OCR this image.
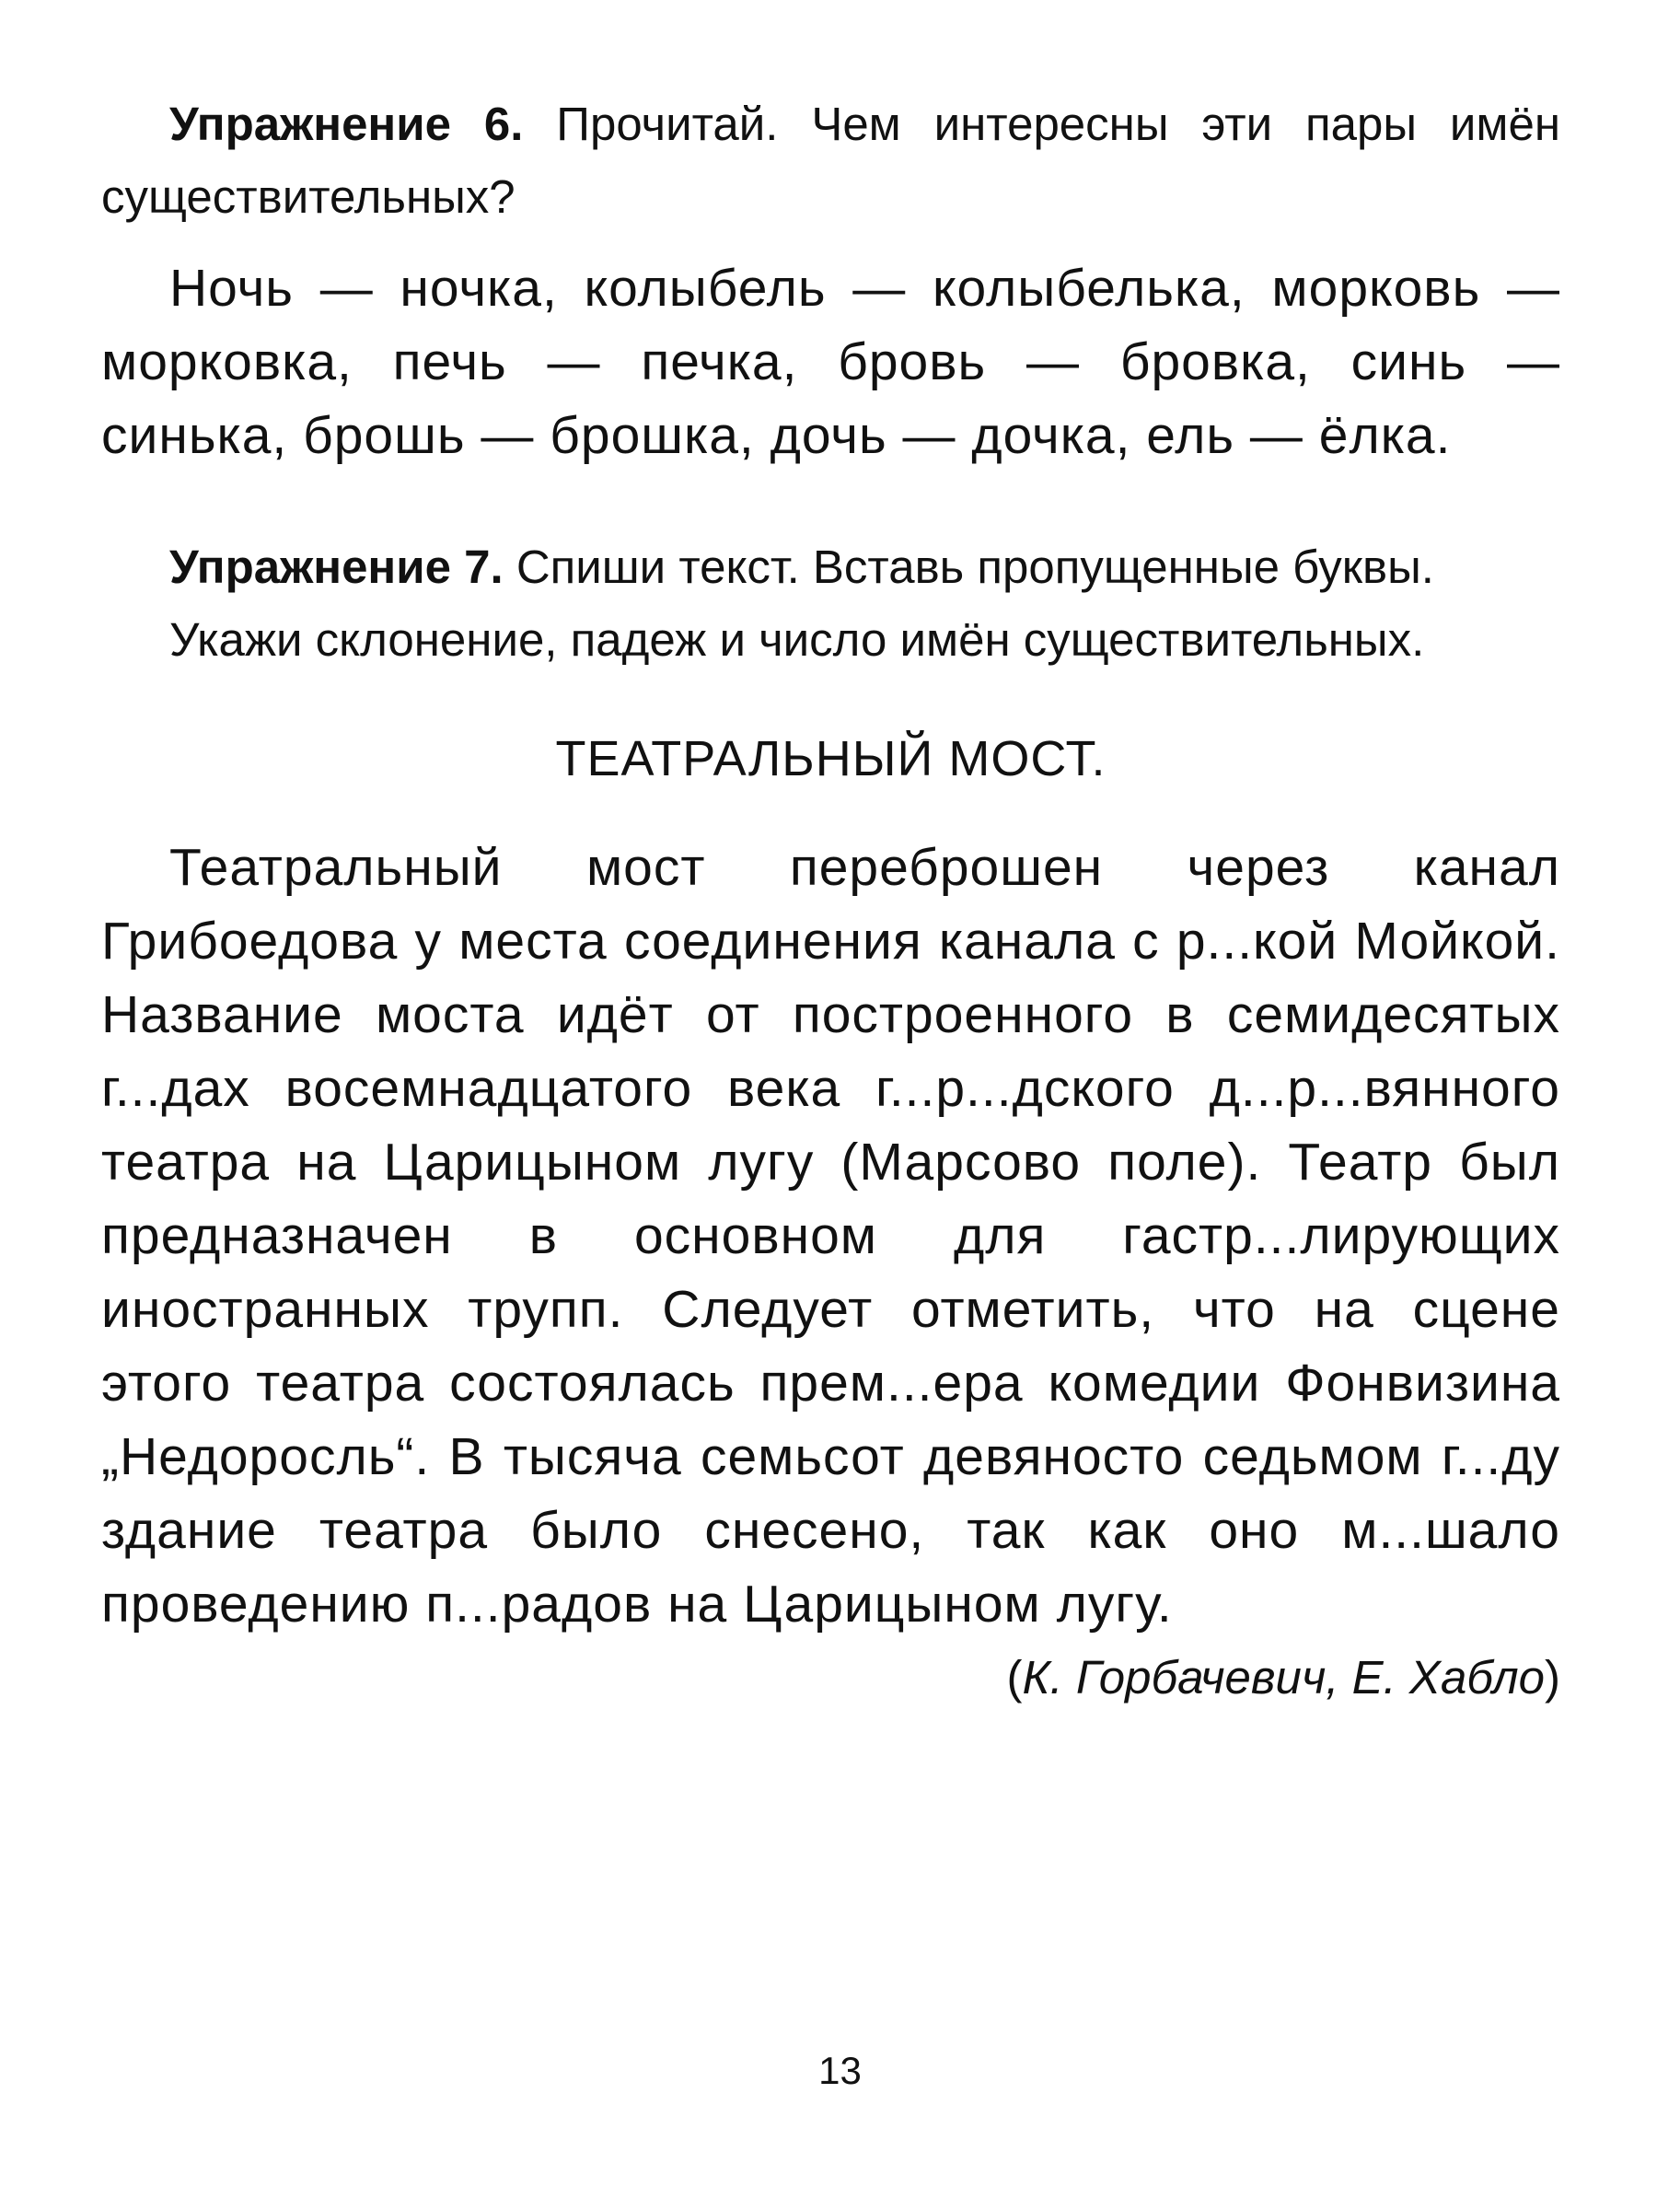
Упражнение 6. Прочитай. Чем интересны эти пары имён существительных?

Ночь — ночка, колыбель — колыбелька, морковь — морковка, печь — печка, бровь — бровка, синь — синька, брошь — брошка, дочь — дочка, ель — ёлка.

Упражнение 7. Спиши текст. Вставь пропущенные буквы.

Укажи склонение, падеж и число имён существительных.

ТЕАТРАЛЬНЫЙ МОСТ.

Театральный мост переброшен через канал Грибоедова у места соединения канала с р...кой Мойкой. Название моста идёт от построенного в семидесятых г...дах восемнадцатого века г...р...дского д...р...вянного театра на Царицыном лугу (Марсово поле). Театр был предназначен в основном для гастр...лирующих иностранных трупп. Следует отметить, что на сцене этого театра состоялась прем...ера комедии Фонвизина „Недоросль“. В тысяча семьсот девяносто седьмом г...ду здание театра было снесено, так как оно м...шало проведению п...радов на Царицыном лугу.

(К. Горбачевич, Е. Хабло)

13
